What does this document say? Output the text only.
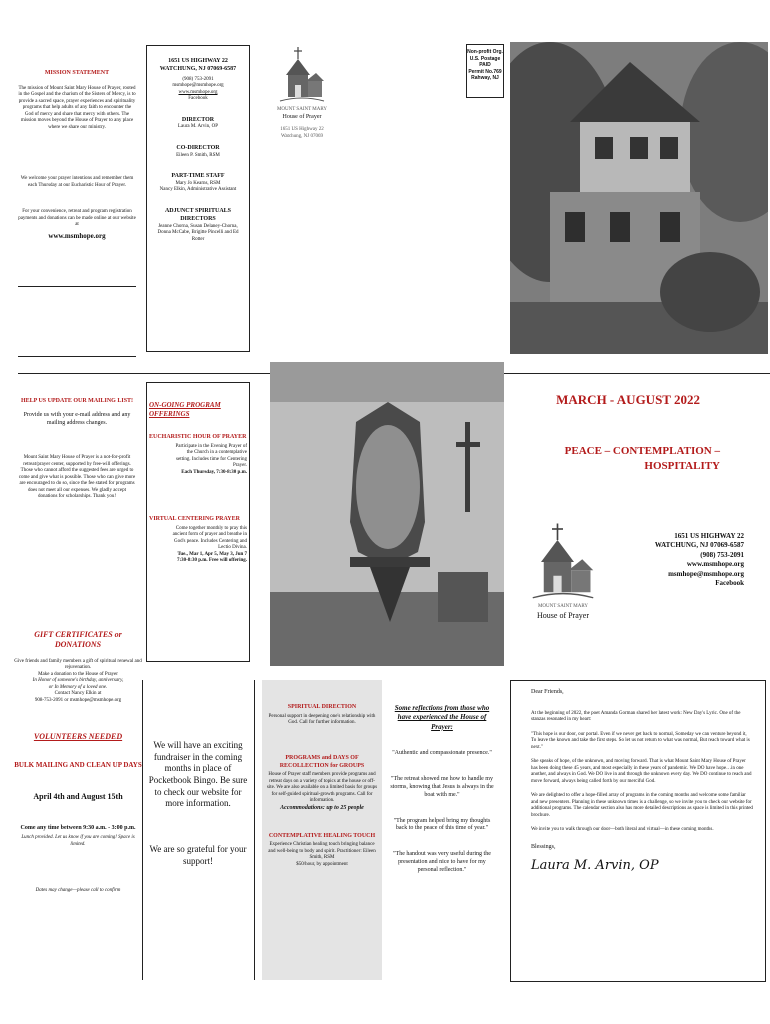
MISSION STATEMENT

The mission of Mount Saint Mary House of Prayer, rooted in the Gospel and the charism of the Sisters of Mercy, is to provide a sacred space, prayer experiences and spirituality programs that help adults of any faith to encounter the God of mercy and share that mercy with others. The mission moves beyond the House of Prayer to any place where we share our ministry.

We welcome your prayer intentions and remember them each Thursday at our Eucharistic Hour of Prayer.

For your convenience, retreat and program registration payments and donations can be made online at our website at

www.msmhope.org
1651 US HIGHWAY 22
WATCHUNG, NJ 07069-6587
(908) 753-2091
msmhope@msmhope.org
www.msmhope.org
Facebook
DIRECTOR
Laura M. Arvin, OP
CO-DIRECTOR
Eileen P. Smith, RSM
PART-TIME STAFF
Mary Jo Kearns, RSM
Nancy Elkin, Administrative Assistant
ADJUNCT SPIRITUALS DIRECTORS
Jeanne Chorna, Susan Delaney-Chorna, Donna McCabe, Brigitte Pincelli and Ed Rotter
MOUNT SAINT MARY
House of Prayer
1651 US Highway 22
Watchung, NJ 07069
Non-profit Org.
U.S. Postage
PAID
Permit No.769
Rahway, NJ
HELP US UPDATE OUR MAILING LIST!

Provide us with your e-mail address and any mailing address changes.

Mount Saint Mary House of Prayer is a not-for-profit retreat/prayer center, supported by free-will offerings. Those who cannot afford the suggested fees are urged to come and give what is possible. Those who can give more are encouraged to do so, since the fee stated for programs does not meet all our expenses. We gladly accept donations for scholarships. Thank you!

GIFT CERTIFICATES or DONATIONS

Give friends and family members a gift of spiritual renewal and rejuvenation.

Make a donation to the House of Prayer

In Honor of someone's birthday, anniversary,

or In Memory of a loved one.

Contact Nancy Elkin at

908-753-2091 or msmhope@msmhope.org

VOLUNTEERS NEEDED
BULK MAILING AND CLEAN UP DAYS
April 4th and August 15th
Come any time between 9:30 a.m. - 3:00 p.m.
Lunch provided. Let us know if you are coming! Space is limited.
Dates may change—please call to confirm
ON-GOING PROGRAM OFFERINGS
EUCHARISTIC HOUR OF PRAYER

Participate in the Evening Prayer of the Church in a contemplative setting. Includes time for Centering Prayer.

Each Thursday, 7:30-8:30 p.m.
VIRTUAL CENTERING PRAYER

Come together monthly to pray this ancient form of prayer and breathe in God's peace. Includes Centering and Lectio Divina.

Tue., Mar 1, Apr 5, May 3, Jun 7
7:30-8:30 p.m. Free will offering.
MARCH - AUGUST 2022
PEACE – CONTEMPLATION – HOSPITALITY
1651 US HIGHWAY 22
WATCHUNG, NJ 07069-6587
(908) 753-2091
www.msmhope.org
msmhope@msmhope.org
Facebook
MOUNT SAINT MARY
House of Prayer

We will have an exciting fundraiser in the coming months in place of Pocketbook Bingo. Be sure to check our website for more information.

We are so grateful for your support!

SPIRITUAL DIRECTION

Personal support in deepening one's relationship with God. Call for further information.

PROGRAMS and DAYS OF RECOLLECTION for GROUPS

House of Prayer staff members provide programs and retreat days on a variety of topics at the house or off-site. We are also available on a limited basis for groups for self-guided spiritual-growth programs. Call for information.

Accommodations: up to 25 people
CONTEMPLATIVE HEALING TOUCH

Experience Christian healing touch bringing balance and well-being to body and spirit. Practitioner: Eileen Smith, RSM

$50/hour, by appointment
Some reflections from those who have experienced the House of Prayer:

"Authentic and compassionate presence."

"The retreat showed me how to handle my storms, knowing that Jesus is always in the boat with me."

"The program helped bring my thoughts back to the peace of this time of year."

"The handout was very useful during the presentation and nice to have for my personal reflection."

Dear Friends,

At the beginning of 2022, the poet Amanda Gorman shared her latest work: New Day's Lyric. One of the stanzas resonated in my heart:

"This hope is our door, our portal. Even if we never get back to normal, Someday we can venture beyond it, To leave the known and take the first steps. So let us not return to what was normal, But reach toward what is next."

She speaks of hope, of the unknown, and moving forward. That is what Mount Saint Mary House of Prayer has been doing these 45 years, and most especially in these years of pandemic. We DO have hope…in one another, and always in God. We DO live in and through the unknown every day. We DO continue to reach and move forward, always being called forth by our merciful God.

We are delighted to offer a hope-filled array of programs in the coming months and welcome some familiar and new presenters. Planning in these unknown times is a challenge, so we invite you to check our website for additional programs. The calendar section also has more detailed descriptions as space is limited in this printed brochure.

We invite you to walk through our door—both literal and virtual—in these coming months.

Blessings,
Laura M. Arvin, OP
